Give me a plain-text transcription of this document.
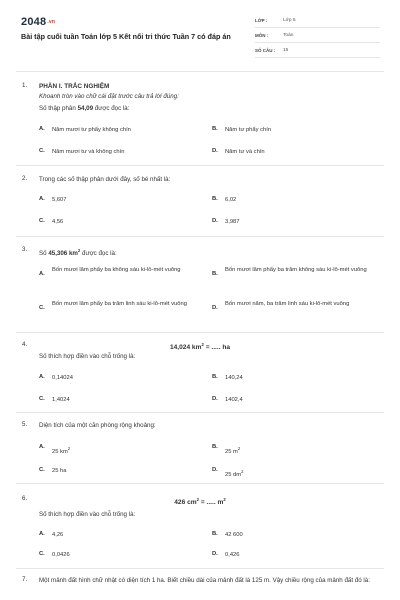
2048.vn
Bài tập cuối tuần Toán lớp 5 Kết nối tri thức Tuần 7 có đáp án
LỚP :	Lớp 5
MÔN :	Toán
SỐ CÂU : 15
1. PHẦN I. TRẮC NGHIỆM
Khoanh tròn vào chữ cái đặt trước câu trả lời đúng:
Số thập phân 54,09 được đọc là:
A. Năm mươi tư phẩy không chín	B. Năm tư phẩy chín
C. Năm mươi tư và không chín	D. Năm tư và chín
2. Trong các số thập phân dưới đây, số bé nhất là:
A. 5,607	B. 6,02
C. 4,56	D. 3,987
3.
Số 45,306 $km^2$ được đọc là:
A.
Bốn mươi lăm phẩy ba không sáu ki-lô-mét vuông
B.
Bốn mươi lăm phẩy ba trăm không sáu ki-lô-mét vuông
C.
Bốn mươi lăm phẩy ba trăm linh sáu ki-lô-mét vuông
D.
Bốn mươi năm, ba trăm linh sáu ki-lô-mét vuông
4.	14,024 $km^2$ = ..... ha
Số thích hợp điền vào chỗ trống là:
A. 0,14024	B. 140,24
C. 1,4024	D. 1402,4
5. Diện tích của một căn phòng rộng khoảng:
A.
25 $km^2$	B.
25 $m^2$
C. 25 ha	D.
25 $dm^2$
6.
426 $cm^2$ = ..... $m^2$
Số thích hợp điền vào chỗ trống là:
A. 4,26	B. 42 600
C. 0,0426	D. 0,426
7. Một mảnh đất hình chữ nhật có diện tích 1 ha. Biết chiều dài của mảnh đất là 125 m. Vậy chiều rộng của mảnh đất đó là:
